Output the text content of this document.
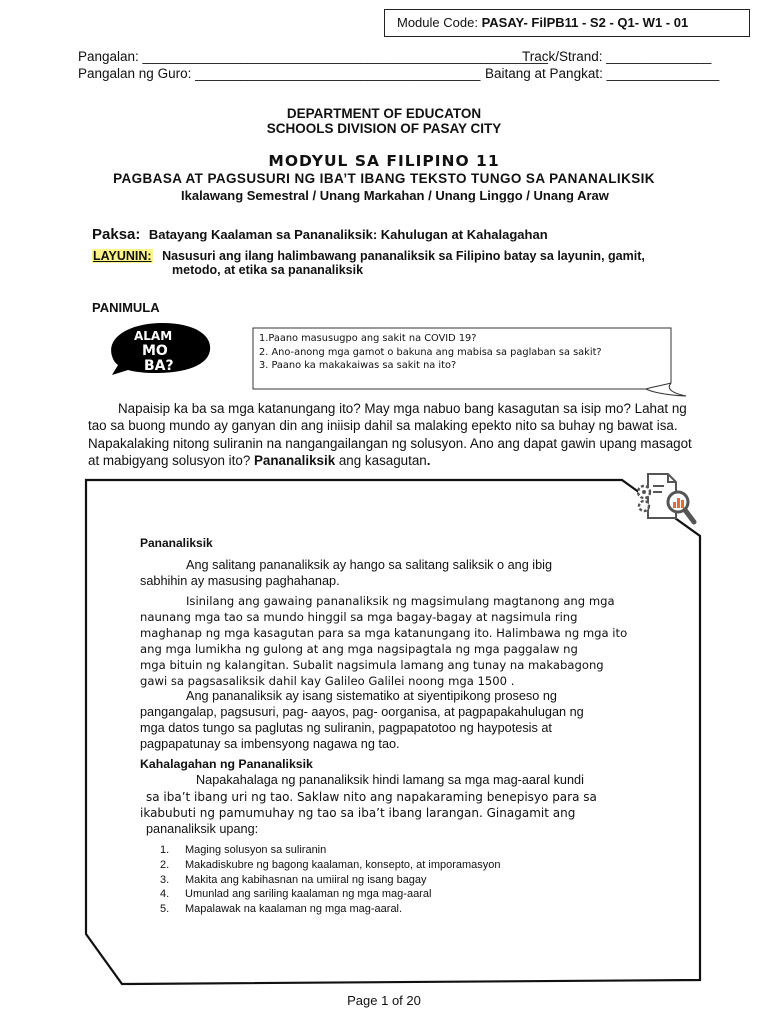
Module Code: PASAY- FilPB11 - S2 - Q1- W1 - 01
Pangalan: ______________________________________________________
Track/Strand: ______________
Pangalan ng Guro: ______________________________________ Baitang at Pangkat: _______________
DEPARTMENT OF EDUCATON
SCHOOLS DIVISION OF PASAY CITY
MODYUL SA FILIPINO 11
PAGBASA AT PAGSUSURI NG IBA’T IBANG TEKSTO TUNGO SA PANANALIKSIK
Ikalawang Semestral / Unang Markahan / Unang Linggo / Unang Araw
Paksa: Batayang Kaalaman sa Pananaliksik: Kahulugan at Kahalagahan
LAYUNIN: Nasusuri ang ilang halimbawang pananaliksik sa Filipino batay sa layunin, gamit,
metodo, at etika sa pananaliksik
PANIMULA
ALAM
MO
BA?
1.Paano masusugpo ang sakit na COVID 19?
2. Ano-anong mga gamot o bakuna ang mabisa sa paglaban sa sakit?
3. Paano ka makakaiwas sa sakit na ito?
Napaisip ka ba sa mga katanungang ito? May mga nabuo bang kasagutan sa isip mo? Lahat ng
tao sa buong mundo ay ganyan din ang iniisip dahil sa malaking epekto nito sa buhay ng bawat isa.
Napakalaking nitong suliranin na nangangailangan ng solusyon. Ano ang dapat gawin upang masagot
at mabigyang solusyon ito? Pananaliksik ang kasagutan.
Pananaliksik
Ang salitang pananaliksik ay hango sa salitang saliksik o ang ibig
sabhihin ay masusing paghahanap.
Isinilang ang gawaing pananaliksik ng magsimulang magtanong ang mga
naunang mga tao sa mundo hinggil sa mga bagay-bagay at nagsimula ring
maghanap ng mga kasagutan para sa mga katanungang ito. Halimbawa ng mga ito
ang mga lumikha ng gulong at ang mga nagsipagtala ng mga paggalaw ng
mga bituin ng kalangitan. Subalit nagsimula lamang ang tunay na makabagong
gawi sa pagsasaliksik dahil kay Galileo Galilei noong mga 1500 .
Ang pananaliksik ay isang sistematiko at siyentipikong proseso ng
pangangalap, pagsusuri, pag- aayos, pag- oorganisa, at pagpapakahulugan ng
mga datos tungo sa paglutas ng suliranin, pagpapatotoo ng haypotesis at
pagpapatunay sa imbensyong nagawa ng tao.
Kahalagahan ng Pananaliksik
Napakahalaga ng pananaliksik hindi lamang sa mga mag-aaral kundi
sa iba’t ibang uri ng tao. Saklaw nito ang napakaraming benepisyo para sa
ikabubuti ng pamumuhay ng tao sa iba’t ibang larangan. Ginagamit ang
pananaliksik upang:
1. Maging solusyon sa suliranin
2. Makadiskubre ng bagong kaalaman, konsepto, at imporamasyon
3. Makita ang kabihasnan na umiiral ng isang bagay
4. Umunlad ang sariling kaalaman ng mga mag-aaral
5. Mapalawak na kaalaman ng mga mag-aaral.
Page 1 of 20
